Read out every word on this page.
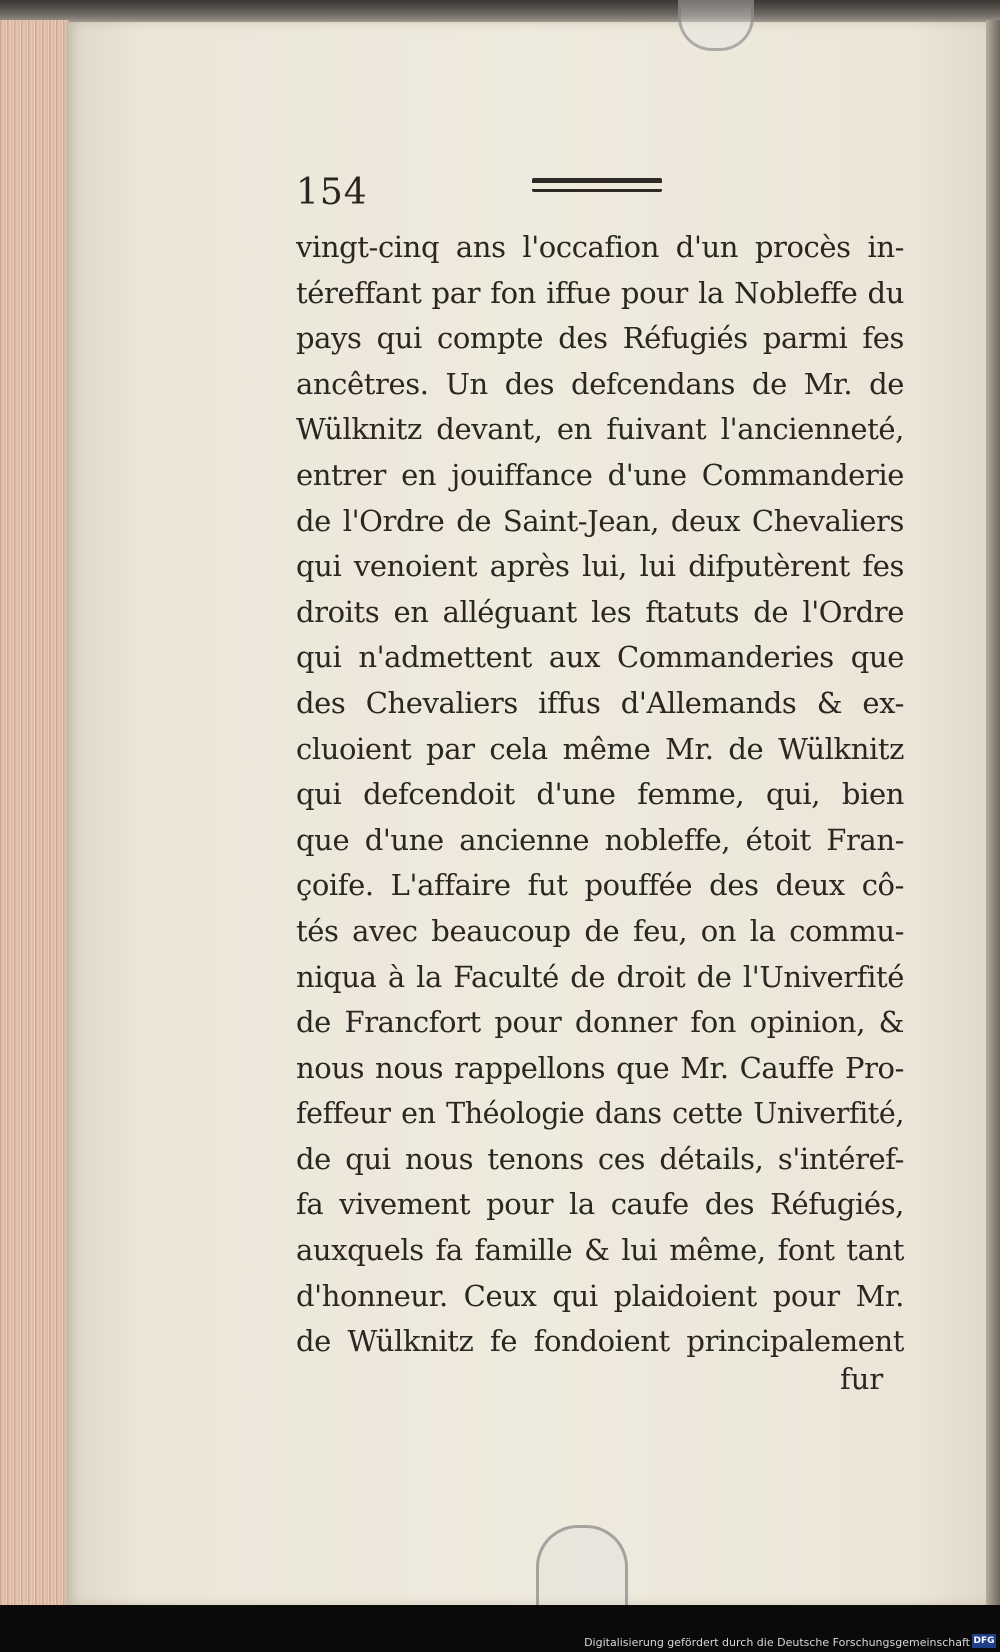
154
vingt-cinq ans l'occafion d'un procès in-
téreffant par fon iffue pour la Nobleffe du
pays qui compte des Réfugiés parmi fes
ancêtres. Un des defcendans de Mr. de
Wülknitz devant, en fuivant l'ancienneté,
entrer en jouiffance d'une Commanderie
de l'Ordre de Saint-Jean, deux Chevaliers
qui venoient après lui, lui difputèrent fes
droits en alléguant les ftatuts de l'Ordre
qui n'admettent aux Commanderies que
des Chevaliers iffus d'Allemands & ex-
cluoient par cela même Mr. de Wülknitz
qui defcendoit d'une femme, qui, bien
que d'une ancienne nobleffe, étoit Fran-
çoife. L'affaire fut pouffée des deux cô-
tés avec beaucoup de feu, on la commu-
niqua à la Faculté de droit de l'Univerfité
de Francfort pour donner fon opinion, &
nous nous rappellons que Mr. Cauffe Pro-
feffeur en Théologie dans cette Univerfité,
de qui nous tenons ces détails, s'intéref-
fa vivement pour la caufe des Réfugiés,
auxquels fa famille & lui même, font tant
d'honneur. Ceux qui plaidoient pour Mr.
de Wülknitz fe fondoient principalement
fur
Digitalisierung gefördert durch die Deutsche Forschungsgemeinschaft DFG
